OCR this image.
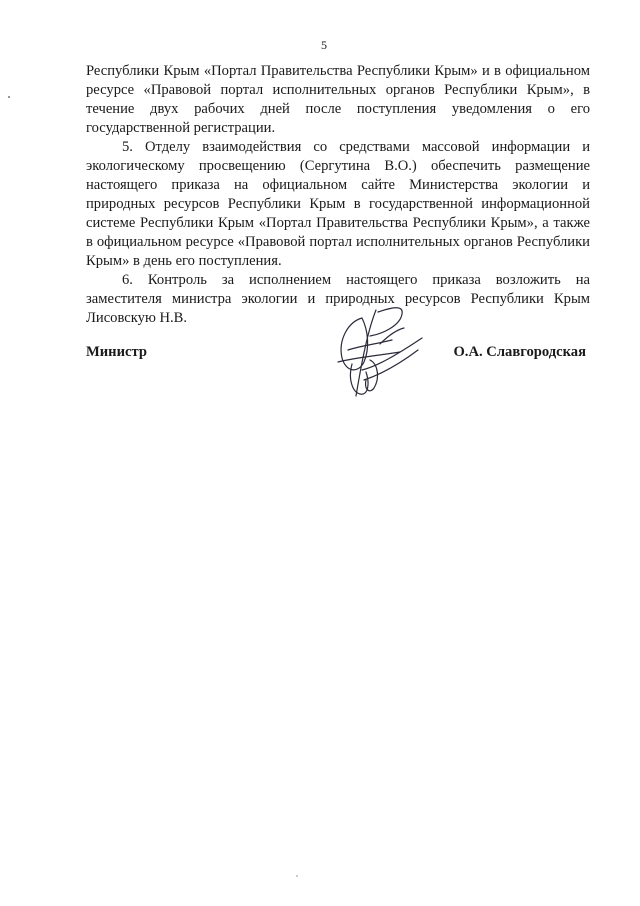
5

Республики Крым «Портал Правительства Республики Крым» и в официальном ресурсе «Правовой портал исполнительных органов Республики Крым», в течение двух рабочих дней после поступления уведомления о его государственной регистрации.

5. Отделу взаимодействия со средствами массовой информации и экологическому просвещению (Сергутина В.О.) обеспечить размещение настоящего приказа на официальном сайте Министерства экологии и природных ресурсов Республики Крым в государственной информационной системе Республики Крым «Портал Правительства Республики Крым», а также в официальном ресурсе «Правовой портал исполнительных органов Республики Крым» в день его поступления.

6. Контроль за исполнением настоящего приказа возложить на заместителя министра экологии и природных ресурсов Республики Крым Лисовскую Н.В.

Министр	О.А. Славгородская
